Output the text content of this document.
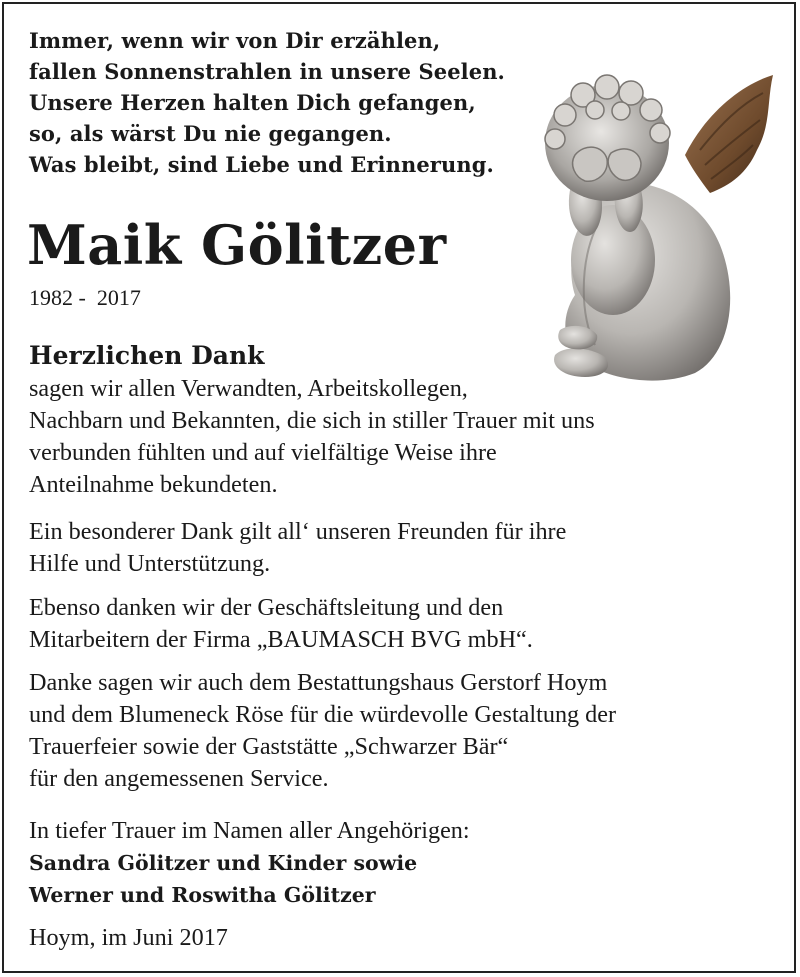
Immer, wenn wir von Dir erzählen,
fallen Sonnenstrahlen in unsere Seelen.
Unsere Herzen halten Dich gefangen,
so, als wärst Du nie gegangen.
Was bleibt, sind Liebe und Erinnerung.
Maik Gölitzer
1982 -  2017
Herzlichen Dank
sagen wir allen Verwandten, Arbeitskollegen,
Nachbarn und Bekannten, die sich in stiller Trauer mit uns
verbunden fühlten und auf vielfältige Weise ihre
Anteilnahme bekundeten.
Ein besonderer Dank gilt all‘ unseren Freunden für ihre
Hilfe und Unterstützung.
Ebenso danken wir der Geschäftsleitung und den
Mitarbeitern der Firma „BAUMASCH BVG mbH“.
Danke sagen wir auch dem Bestattungshaus Gerstorf Hoym
und dem Blumeneck Röse für die würdevolle Gestaltung der
Trauerfeier sowie der Gaststätte „Schwarzer Bär“
für den angemessenen Service.
In tiefer Trauer im Namen aller Angehörigen:
Sandra Gölitzer und Kinder sowie
Werner und Roswitha Gölitzer
Hoym, im Juni 2017
